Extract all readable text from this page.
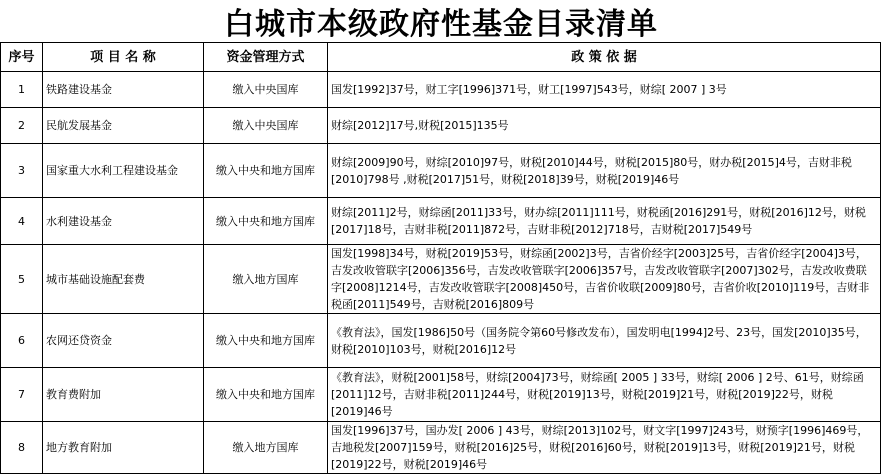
白城市本级政府性基金目录清单
序号	项 目 名 称	资金管理方式	政 策 依 据
1	铁路建设基金	缴入中央国库	国发[1992]37号，财工字[1996]371号，财工[1997]543号，财综[ 2007 ] 3号
2	民航发展基金	缴入中央国库	财综[2012]17号,财税[2015]135号
3	国家重大水利工程建设基金	缴入中央和地方国库	财综[2009]90号，财综[2010]97号，财税[2010]44号，财税[2015]80号，财办税[2015]4号，吉财非税[2010]798号 ,财税[2017]51号，财税[2018]39号，财税[2019]46号
4	水利建设基金	缴入中央和地方国库	财综[2011]2号，财综函[2011]33号，财办综[2011]111号，财税函[2016]291号，财税[2016]12号，财税[2017]18号，吉财非税[2011]872号，吉财非税[2012]718号，吉财税[2017]549号
5	城市基础设施配套费	缴入地方国库	国发[1998]34号，财税[2019]53号，财综函[2002]3号，吉省价经字[2003]25号，吉省价经字[2004]3号，吉发改收管联字[2006]356号，吉发改收管联字[2006]357号，吉发改收管联字[2007]302号，吉发改收费联字[2008]1214号，吉发改收管联字[2008]450号，吉省价收联[2009]80号，吉省价收[2010]119号，吉财非税函[2011]549号，吉财税[2016]809号
6	农网还贷资金	缴入中央和地方国库	《教育法》，国发[1986]50号（国务院令第60号修改发布），国发明电[1994]2号、23号，国发[2010]35号，财税[2010]103号，财税[2016]12号
7	教育费附加	缴入中央和地方国库	《教育法》，财税[2001]58号，财综[2004]73号，财综函[ 2005 ] 33号，财综[ 2006 ] 2号、61号，财综函[2011]12号，吉财非税[2011]244号，财税[2019]13号，财税[2019]21号，财税[2019]22号，财税[2019]46号
8	地方教育附加	缴入地方国库	国发[1996]37号，国办发[ 2006 ] 43号，财综[2013]102号，财文字[1997]243号，财预字[1996]469号，吉地税发[2007]159号，财税[2016]25号，财税[2016]60号，财税[2019]13号，财税[2019]21号，财税[2019]22号，财税[2019]46号
